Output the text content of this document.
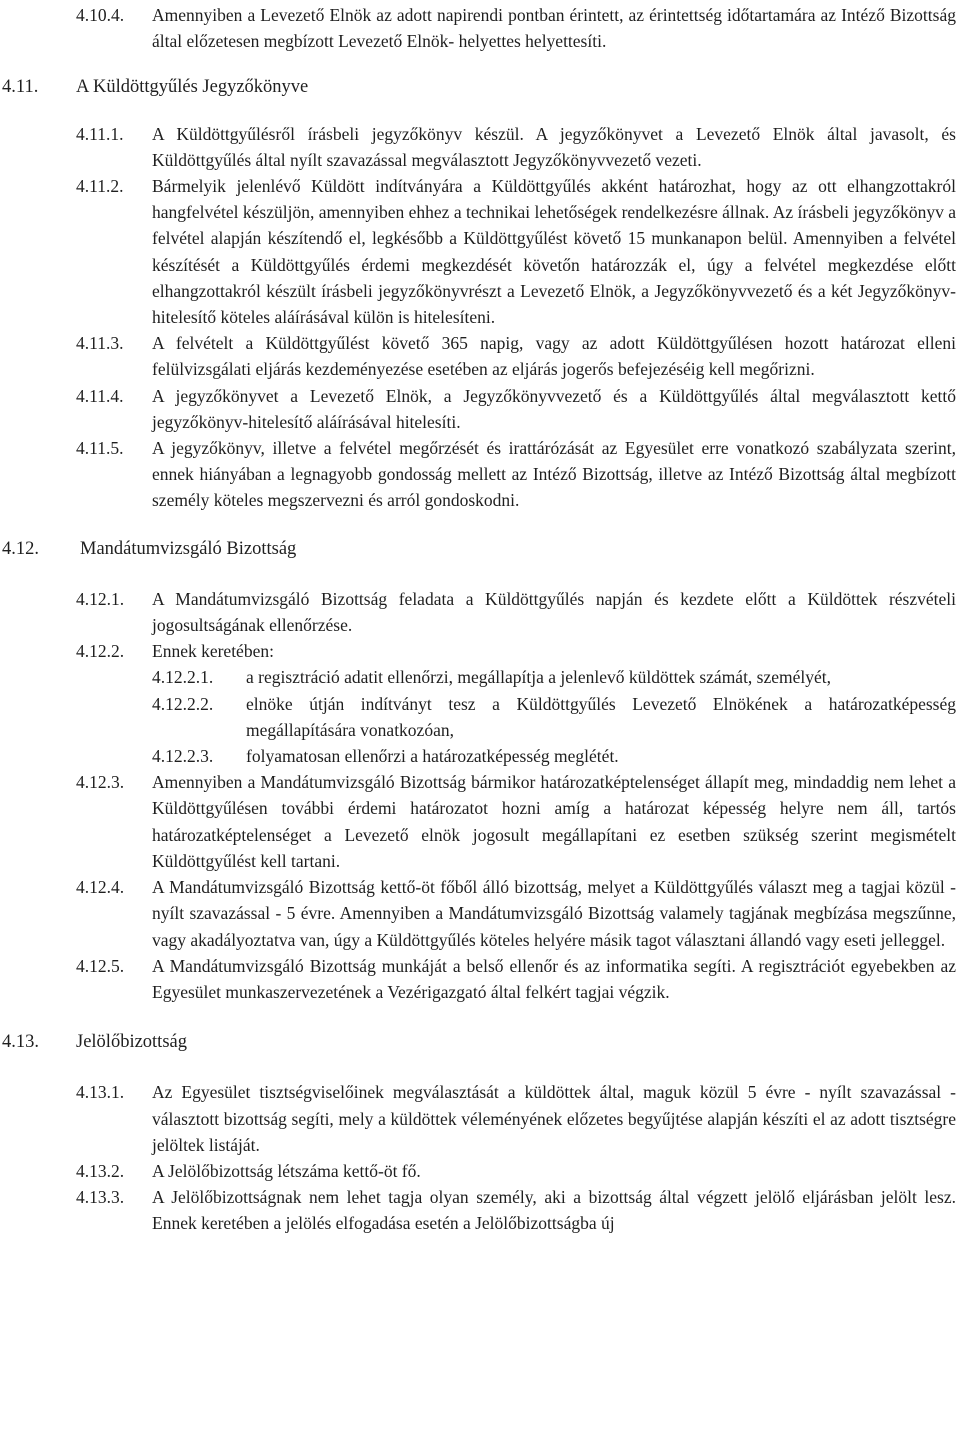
4.10.4.	Amennyiben a Levezető Elnök az adott napirendi pontban érintett, az érintettség időtartamára az Intéző Bizottság által előzetesen megbízott Levezető Elnök- helyettes helyettesíti.
4.11.	A Küldöttgyűlés Jegyzőkönyve
4.11.1.	A Küldöttgyűlésről írásbeli jegyzőkönyv készül. A jegyzőkönyvet a Levezető Elnök által javasolt, és Küldöttgyűlés által nyílt szavazással megválasztott Jegyzőkönyvvezető vezeti.
4.11.2.	Bármelyik jelenlévő Küldött indítványára a Küldöttgyűlés akként határozhat, hogy az ott elhangzottakról hangfelvétel készüljön, amennyiben ehhez a technikai lehetőségek rendelkezésre állnak. Az írásbeli jegyzőkönyv a felvétel alapján készítendő el, legkésőbb a Küldöttgyűlést követő 15 munkanapon belül. Amennyiben a felvétel készítését a Küldöttgyűlés érdemi megkezdését követőn határozzák el, úgy a felvétel megkezdése előtt elhangzottakról készült írásbeli jegyzőkönyvrészt a Levezető Elnök, a Jegyzőkönyvvezető és a két Jegyzőkönyv-hitelesítő köteles aláírásával külön is hitelesíteni.
4.11.3.	A felvételt a Küldöttgyűlést követő 365 napig, vagy az adott Küldöttgyűlésen hozott határozat elleni felülvizsgálati eljárás kezdeményezése esetében az eljárás jogerős befejezéséig kell megőrizni.
4.11.4.	A jegyzőkönyvet a Levezető Elnök, a Jegyzőkönyvvezető és a Küldöttgyűlés által megválasztott kettő jegyzőkönyv-hitelesítő aláírásával hitelesíti.
4.11.5.	A jegyzőkönyv, illetve a felvétel megőrzését és irattárózását az Egyesület erre vonatkozó szabályzata szerint, ennek hiányában a legnagyobb gondosság mellett az Intéző Bizottság, illetve az Intéző Bizottság által megbízott személy köteles megszervezni és arról gondoskodni.
4.12.	Mandátumvizsgáló Bizottság
4.12.1.	A Mandátumvizsgáló Bizottság feladata a Küldöttgyűlés napján és kezdete előtt a Küldöttek részvételi jogosultságának ellenőrzése.
4.12.2.	Ennek keretében:
4.12.2.1.	a regisztráció adatit ellenőrzi, megállapítja a jelenlevő küldöttek számát, személyét,
4.12.2.2.	elnöke útján indítványt tesz a Küldöttgyűlés Levezető Elnökének a határozatképesség megállapítására vonatkozóan,
4.12.2.3.	folyamatosan ellenőrzi a határozatképesség meglétét.
4.12.3.	Amennyiben a Mandátumvizsgáló Bizottság bármikor határozatképtelenséget állapít meg, mindaddig nem lehet a Küldöttgyűlésen további érdemi határozatot hozni amíg a határozat képesség helyre nem áll, tartós határozatképtelenséget a Levezető elnök jogosult megállapítani ez esetben szükség szerint megismételt Küldöttgyűlést kell tartani.
4.12.4.	A Mandátumvizsgáló Bizottság kettő-öt főből álló bizottság, melyet a Küldöttgyűlés választ meg a tagjai közül - nyílt szavazással - 5 évre. Amennyiben a Mandátumvizsgáló Bizottság valamely tagjának megbízása megszűnne, vagy akadályoztatva van, úgy a Küldöttgyűlés köteles helyére másik tagot választani állandó vagy eseti jelleggel.
4.12.5.	A Mandátumvizsgáló Bizottság munkáját a belső ellenőr és az informatika segíti. A regisztrációt egyebekben az Egyesület munkaszervezetének a Vezérigazgató által felkért tagjai végzik.
4.13.	Jelölőbizottság
4.13.1.	Az Egyesület tisztségviselőinek megválasztását a küldöttek által, maguk közül 5 évre - nyílt szavazással - választott bizottság segíti, mely a küldöttek véleményének előzetes begyűjtése alapján készíti el az adott tisztségre jelöltek listáját.
4.13.2.	A Jelölőbizottság létszáma kettő-öt fő.
4.13.3.	A Jelölőbizottságnak nem lehet tagja olyan személy, aki a bizottság által végzett jelölő eljárásban jelölt lesz. Ennek keretében a jelölés elfogadása esetén a Jelölőbizottságba új
